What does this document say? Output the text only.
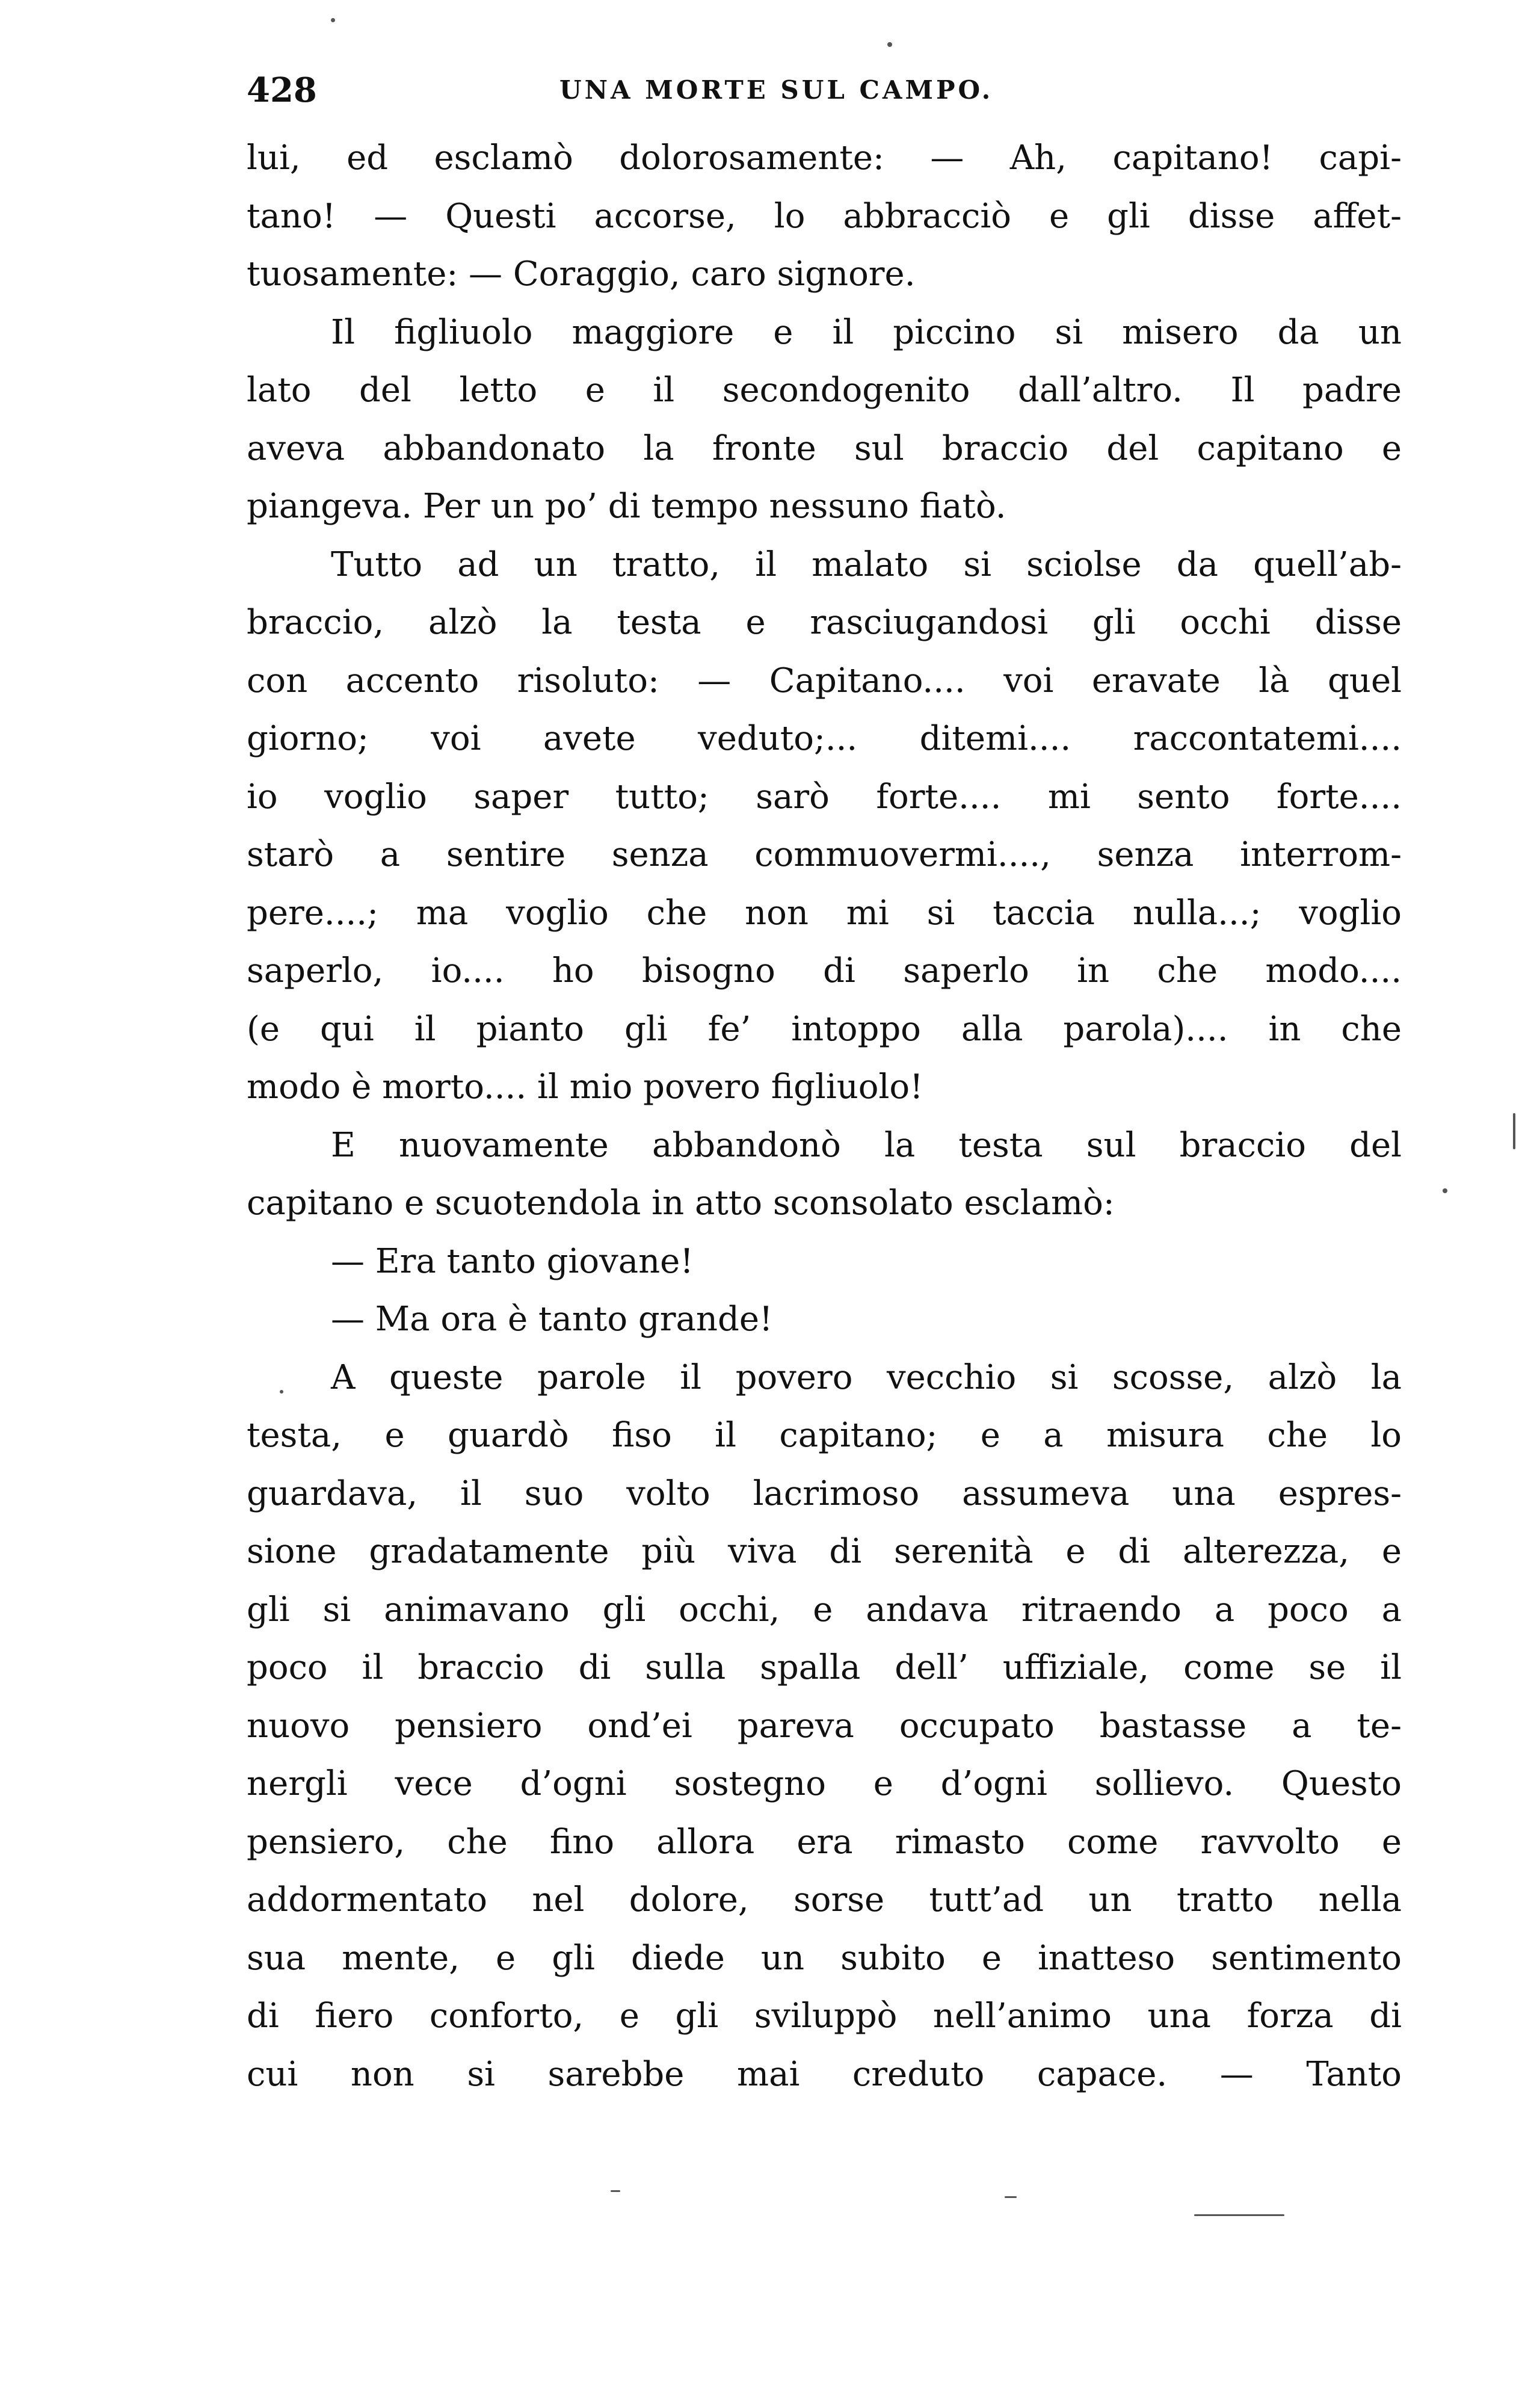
428	UNA MORTE SUL CAMPO.
lui, ed esclamò dolorosamente: — Ah, capitano! capi-
tano! — Questi accorse, lo abbracciò e gli disse affet-
tuosamente: — Coraggio, caro signore.
Il figliuolo maggiore e il piccino si misero da un
lato del letto e il secondogenito dall’altro. Il padre
aveva abbandonato la fronte sul braccio del capitano e
piangeva. Per un po’ di tempo nessuno fiatò.
Tutto ad un tratto, il malato si sciolse da quell’ab-
braccio, alzò la testa e rasciugandosi gli occhi disse
con accento risoluto: — Capitano.... voi eravate là quel
giorno; voi avete veduto;... ditemi.... raccontatemi....
io voglio saper tutto; sarò forte.... mi sento forte....
starò a sentire senza commuovermi...., senza interrom-
pere....; ma voglio che non mi si taccia nulla...; voglio
saperlo, io.... ho bisogno di saperlo in che modo....
(e qui il pianto gli fe’ intoppo alla parola).... in che
modo è morto.... il mio povero figliuolo!
E nuovamente abbandonò la testa sul braccio del
capitano e scuotendola in atto sconsolato esclamò:
— Era tanto giovane!
— Ma ora è tanto grande!
A queste parole il povero vecchio si scosse, alzò la
testa, e guardò fiso il capitano; e a misura che lo
guardava, il suo volto lacrimoso assumeva una espres-
sione gradatamente più viva di serenità e di alterezza, e
gli si animavano gli occhi, e andava ritraendo a poco a
poco il braccio di sulla spalla dell’ uffiziale, come se il
nuovo pensiero ond’ei pareva occupato bastasse a te-
nergli vece d’ogni sostegno e d’ogni sollievo. Questo
pensiero, che fino allora era rimasto come ravvolto e
addormentato nel dolore, sorse tutt’ad un tratto nella
sua mente, e gli diede un subito e inatteso sentimento
di fiero conforto, e gli sviluppò nell’animo una forza di
cui non si sarebbe mai creduto capace. — Tanto
